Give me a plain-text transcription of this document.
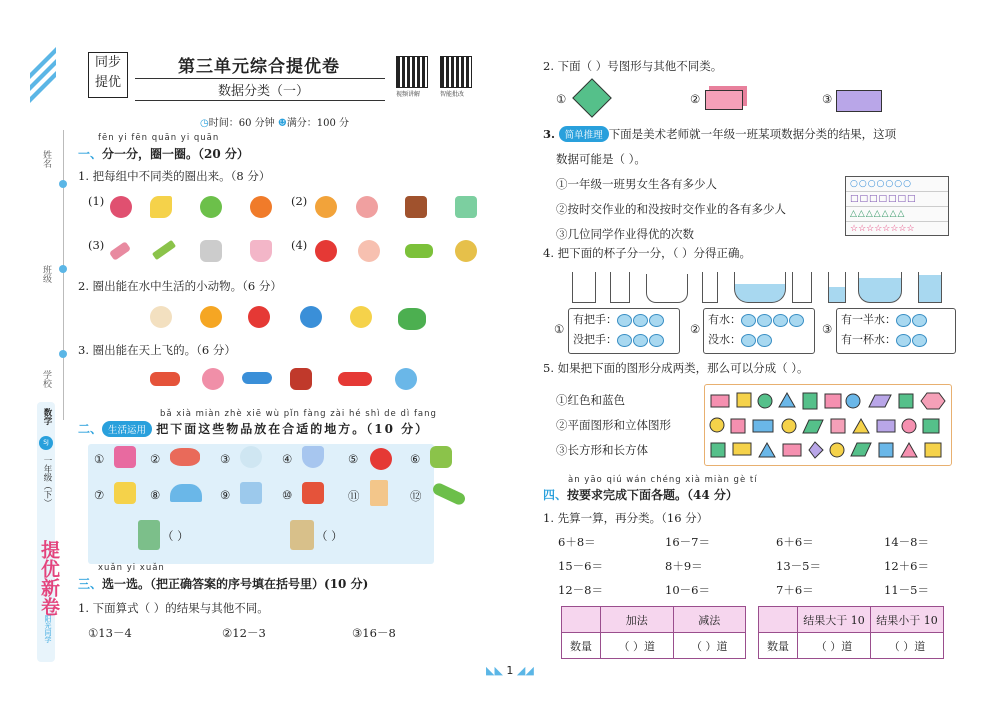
姓名
班级
学校
数学
SJ
一年级（下）
提优新卷
阳光同学
同步提优
第三单元综合提优卷
数据分类（一）	视频讲解	智能批改
◷时间：60 分钟 ☻满分：100 分
fēn yi fēn quān yi quān
一、分一分，圈一圈。（20 分）
1. 把每组中不同类的圈出来。（8 分）
(1)	(2)
(3)	(4)
2. 圈出能在水中生活的小动物。（6 分）
3. 圈出能在天上飞的。（6 分）
bǎ xià miàn zhè xiē wù pǐn fàng zài hé shì de dì fang
二、 生活运用 把下面这些物品放在合适的地方。（10 分）
①	②	③	④	⑤	⑥
⑦	⑧	⑨	⑩	⑪	⑫
（ ）	（ ）
xuǎn yi xuǎn
三、选一选。（把正确答案的序号填在括号里）(10 分)
1. 下面算式（ ）的结果与其他不同。
①13－4	②12－3	③16－8
2. 下面（ ）号图形与其他不同类。
①	②	③
3. 简单推理 下面是美术老师就一年级一班某项数据分类的结果，这项
数据可能是（ ）。
①一年级一班男女生各有多少人
②按时交作业的和没按时交作业的各有多少人
③几位同学作业得优的次数
○○○○○○○
□□□□□□□
△△△△△△△
☆☆☆☆☆☆☆☆
4. 把下面的杯子分一分，（ ）分得正确。
①
有把手：
没把手：
②
有水：
没水：
③
有一半水：
有一杯水：
5. 如果把下面的图形分成两类，那么可以分成（ ）。
①红色和蓝色
②平面图形和立体图形
③长方形和长方体
àn yāo qiú wán chéng xià miàn gè tí
四、按要求完成下面各题。（44 分）
1. 先算一算，再分类。（16 分）
6＋8＝	16－7＝	6＋6＝	14－8＝
15－6＝	8＋9＝	13－5＝	12＋6＝
12－8＝	10－6＝	7＋6＝	11－5＝
	加法	减法
数量	（ ）道	（ ）道
	结果大于 10	结果小于 10
数量	（ ）道	（ ）道
◣◣ 1 ◢◢
